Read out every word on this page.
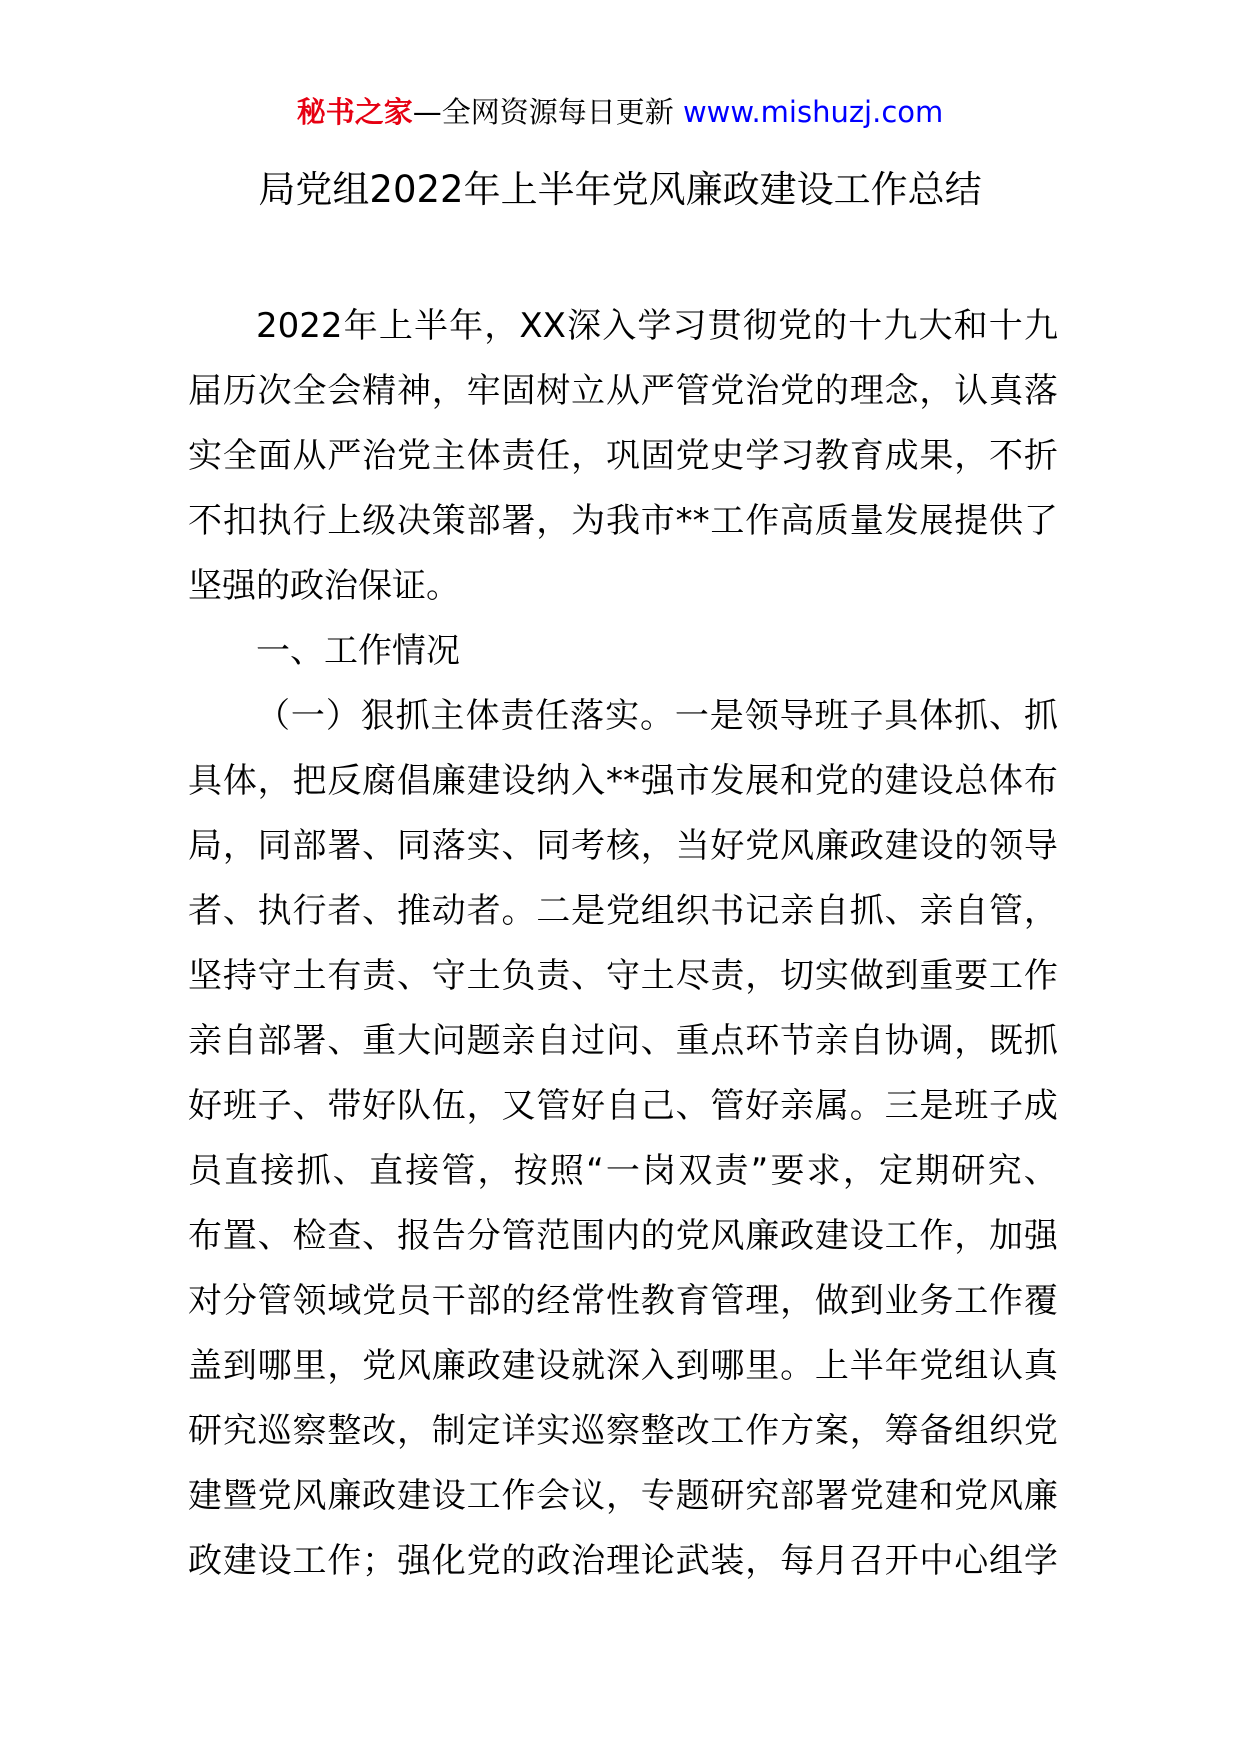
秘书之家—全网资源每日更新 www.mishuzj.com
局党组2022年上半年党风廉政建设工作总结
2022 年 上 半 年 ， XX 深 入 学 习 贯 彻 党 的 十 九 大 和 十 九
届 历 次 全 会 精 神 ， 牢 固 树 立 从 严 管 党 治 党 的 理 念 ， 认 真 落
实 全 面 从 严 治 党 主 体 责 任 ， 巩 固 党 史 学 习 教 育 成 果 ， 不 折
不 扣 执 行 上 级 决 策 部 署 ， 为 我 市 ** 工 作 高 质 量 发 展 提 供 了
坚强的政治保证。
一、工作情况
（ 一 ） 狠 抓 主 体 责 任 落 实 。 一 是 领 导 班 子 具 体 抓 、 抓
具 体 ， 把 反 腐 倡 廉 建 设 纳 入 ** 强 市 发 展 和 党 的 建 设 总 体 布
局 ， 同 部 署 、 同 落 实 、 同 考 核 ， 当 好 党 风 廉 政 建 设 的 领 导
者 、 执 行 者 、 推 动 者 。 二 是 党 组 织 书 记 亲 自 抓 、 亲 自 管 ，
坚 持 守 土 有 责 、 守 土 负 责 、 守 土 尽 责 ， 切 实 做 到 重 要 工 作
亲 自 部 署 、 重 大 问 题 亲 自 过 问 、 重 点 环 节 亲 自 协 调 ， 既 抓
好 班 子 、 带 好 队 伍 ， 又 管 好 自 己 、 管 好 亲 属 。 三 是 班 子 成
员 直 接 抓 、 直 接 管 ， 按 照 “ 一 岗 双 责 ” 要 求 ， 定 期 研 究 、
布 置 、 检 查 、 报 告 分 管 范 围 内 的 党 风 廉 政 建 设 工 作 ， 加 强
对 分 管 领 域 党 员 干 部 的 经 常 性 教 育 管 理 ， 做 到 业 务 工 作 覆
盖 到 哪 里 ， 党 风 廉 政 建 设 就 深 入 到 哪 里 。 上 半 年 党 组 认 真
研 究 巡 察 整 改 ， 制 定 详 实 巡 察 整 改 工 作 方 案 ， 筹 备 组 织 党
建 暨 党 风 廉 政 建 设 工 作 会 议 ， 专 题 研 究 部 署 党 建 和 党 风 廉
政 建 设 工 作 ； 强 化 党 的 政 治 理 论 武 装 ， 每 月 召 开 中 心 组 学
